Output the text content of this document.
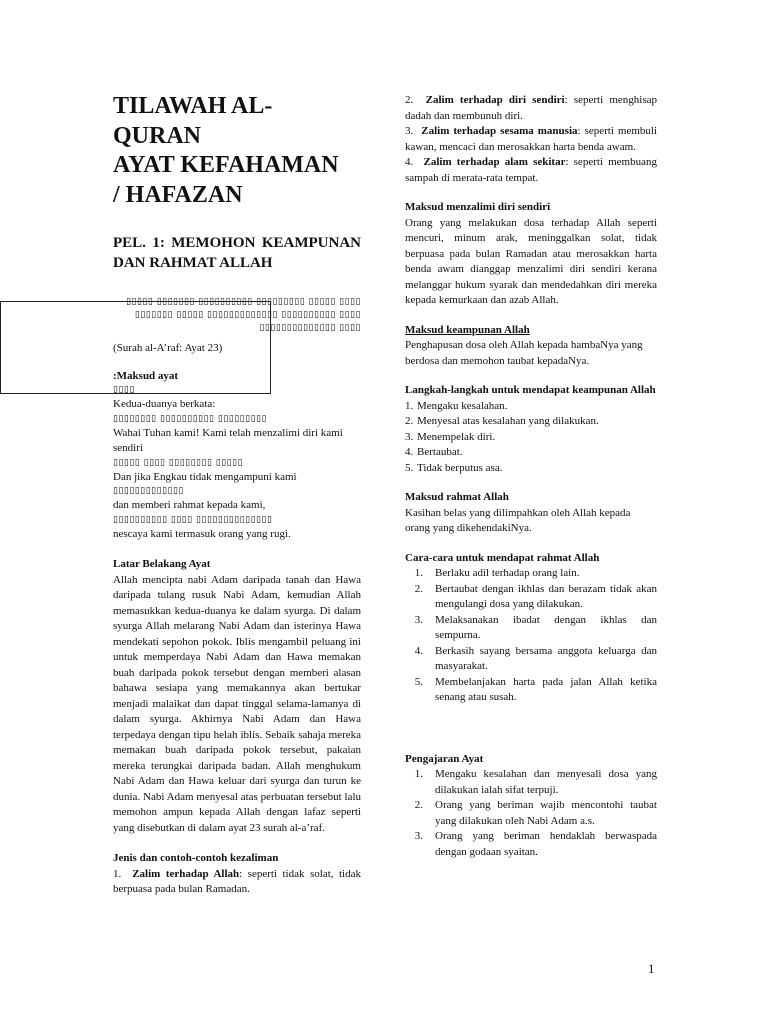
TILAWAH AL-
QURAN
AYAT KEFAHAMAN
/ HAFAZAN
PEL. 1: MEMOHON KEAMPUNAN DAN RAHMAT ALLAH

▯▯▯▯▯ ▯▯▯▯▯▯▯ ▯▯▯▯▯▯▯▯▯▯ ▯▯▯▯▯▯▯▯▯ ▯▯▯▯▯ ▯▯▯▯

▯▯▯▯▯▯▯ ▯▯▯▯▯ ▯▯▯▯▯▯▯▯▯▯▯▯▯ ▯▯▯▯▯▯▯▯▯▯ ▯▯▯▯

▯▯▯▯▯▯▯▯▯▯▯▯▯▯ ▯▯▯▯

(Surah al-A’raf: Ayat 23)

:Maksud ayat

▯▯▯▯

Kedua-duanya berkata:

▯▯▯▯▯▯▯▯ ▯▯▯▯▯▯▯▯▯▯ ▯▯▯▯▯▯▯▯▯

Wahai Tuhan kami! Kami telah menzalimi diri kami sendiri

▯▯▯▯▯ ▯▯▯▯ ▯▯▯▯▯▯▯▯ ▯▯▯▯▯

Dan jika Engkau tidak mengampuni kami

▯▯▯▯▯▯▯▯▯▯▯▯▯

dan memberi rahmat kepada kami,

▯▯▯▯▯▯▯▯▯▯ ▯▯▯▯ ▯▯▯▯▯▯▯▯▯▯▯▯▯▯

nescaya kami termasuk orang yang rugi.

Latar Belakang Ayat

Allah mencipta nabi Adam daripada tanah dan Hawa daripada tulang rusuk Nabi Adam, kemudian Allah memasukkan kedua-duanya ke dalam syurga. Di dalam syurga Allah melarang Nabi Adam dan isterinya Hawa mendekati sepohon pokok. Iblis mengambil peluang ini untuk memperdaya Nabi Adam dan Hawa memakan buah daripada pokok tersebut dengan memberi alasan bahawa sesiapa yang memakannya akan bertukar menjadi malaikat dan dapat tinggal selama-lamanya di dalam syurga. Akhirnya Nabi Adam dan Hawa terpedaya dengan tipu helah iblis. Sebaik sahaja mereka memakan buah daripada pokok tersebut, pakaian mereka terungkai daripada badan. Allah menghukum Nabi Adam dan Hawa keluar dari syurga dan turun ke dunia. Nabi Adam menyesal atas perbuatan tersebut lalu memohon ampun kepada Allah dengan lafaz seperti yang disebutkan di dalam ayat 23 surah al-a’raf.

Jenis dan contoh-contoh kezaliman

1. Zalim terhadap Allah: seperti tidak solat, tidak berpuasa pada bulan Ramadan.

2. Zalim terhadap diri sendiri: seperti menghisap dadah dan membunuh diri.

3. Zalim terhadap sesama manusia: seperti membuli kawan, mencaci dan merosakkan harta benda awam.

4. Zalim terhadap alam sekitar: seperti membuang sampah di merata-rata tempat.

Maksud menzalimi diri sendiri

Orang yang melakukan dosa terhadap Allah seperti mencuri, minum arak, meninggalkan solat, tidak berpuasa pada bulan Ramadan atau merosakkan harta benda awam dianggap menzalimi diri sendiri kerana melanggar hukum syarak dan mendedahkan diri mereka kepada kemurkaan dan azab Allah.

Maksud keampunan Allah

Penghapusan dosa oleh Allah kepada hambaNya yang berdosa dan memohon taubat kepadaNya.

Langkah-langkah untuk mendapat keampunan Allah

1. Mengaku kesalahan.
2. Menyesal atas kesalahan yang dilakukan.
3. Menempelak diri.
4. Bertaubat.
5. Tidak berputus asa.

Maksud rahmat Allah

Kasihan belas yang dilimpahkan oleh Allah kepada orang yang dikehendakiNya.

Cara-cara untuk mendapat rahmat Allah

1.	Berlaku adil terhadap orang lain.
2.	Bertaubat dengan ikhlas dan berazam tidak akan mengulangi dosa yang dilakukan.
3.	Melaksanakan ibadat dengan ikhlas dan sempurna.
4.	Berkasih sayang bersama anggota keluarga dan masyarakat.
5.	Membelanjakan harta pada jalan Allah ketika senang atau susah.

Pengajaran Ayat

1.	Mengaku kesalahan dan menyesali dosa yang dilakukan ialah sifat terpuji.
2.	Orang yang beriman wajib mencontohi taubat yang dilakukan oleh Nabi Adam a.s.
3.	Orang yang beriman hendaklah berwaspada dengan godaan syaitan.
1
